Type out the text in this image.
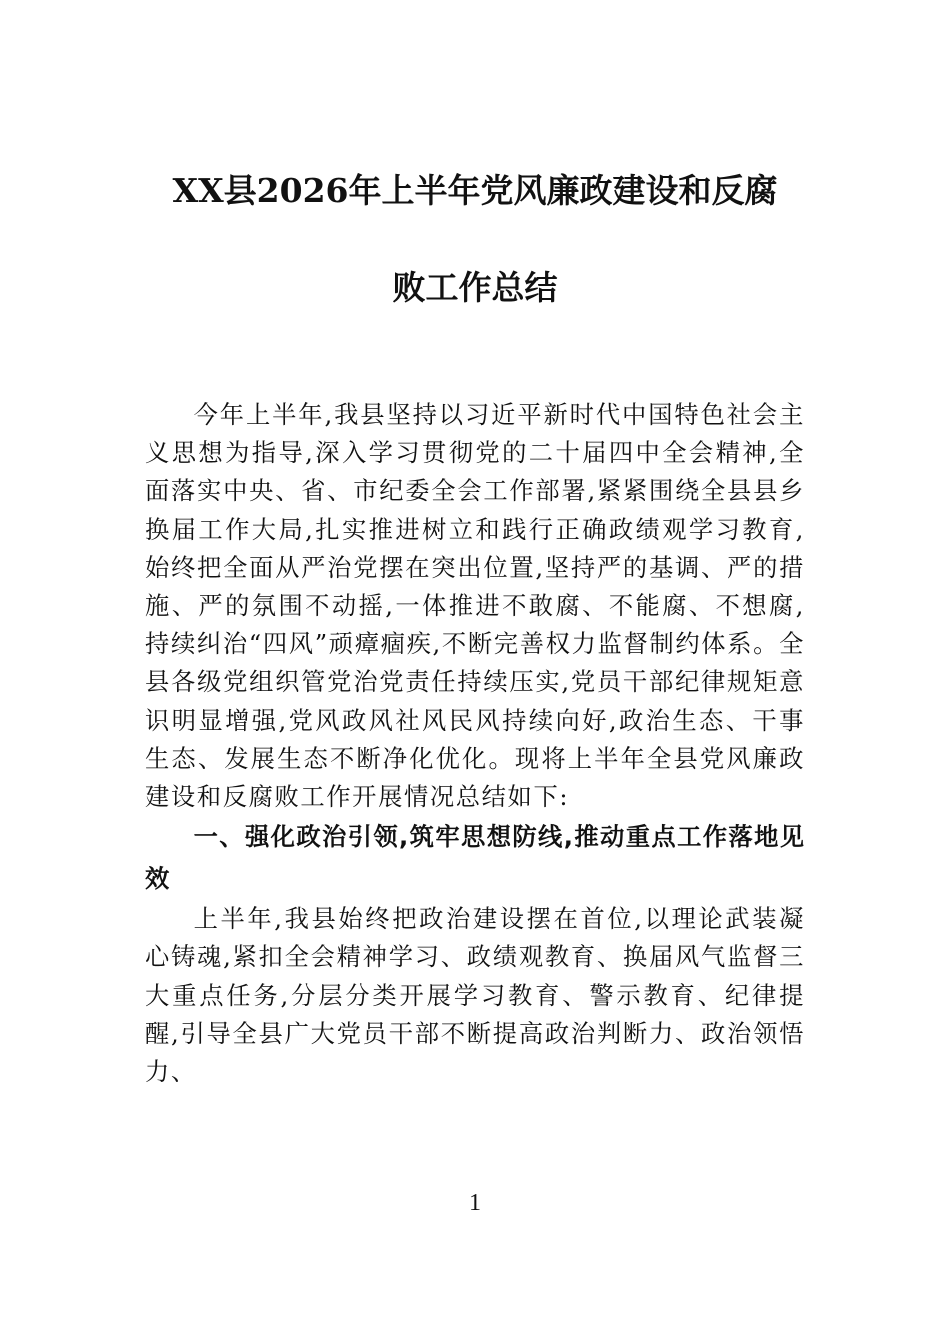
XX县2026年上半年党风廉政建设和反腐
败工作总结

今年上半年,我县坚持以习近平新时代中国特色社会主义思想为指导,深入学习贯彻党的二十届四中全会精神,全面落实中央、省、市纪委全会工作部署,紧紧围绕全县县乡换届工作大局,扎实推进树立和践行正确政绩观学习教育,始终把全面从严治党摆在突出位置,坚持严的基调、严的措施、严的氛围不动摇,一体推进不敢腐、不能腐、不想腐,持续纠治“四风”顽瘴痼疾,不断完善权力监督制约体系。全县各级党组织管党治党责任持续压实,党员干部纪律规矩意识明显增强,党风政风社风民风持续向好,政治生态、干事生态、发展生态不断净化优化。现将上半年全县党风廉政建设和反腐败工作开展情况总结如下:

一、强化政治引领,筑牢思想防线,推动重点工作落地见效

上半年,我县始终把政治建设摆在首位,以理论武装凝心铸魂,紧扣全会精神学习、政绩观教育、换届风气监督三大重点任务,分层分类开展学习教育、警示教育、纪律提醒,引导全县广大党员干部不断提高政治判断力、政治领悟力、

1
